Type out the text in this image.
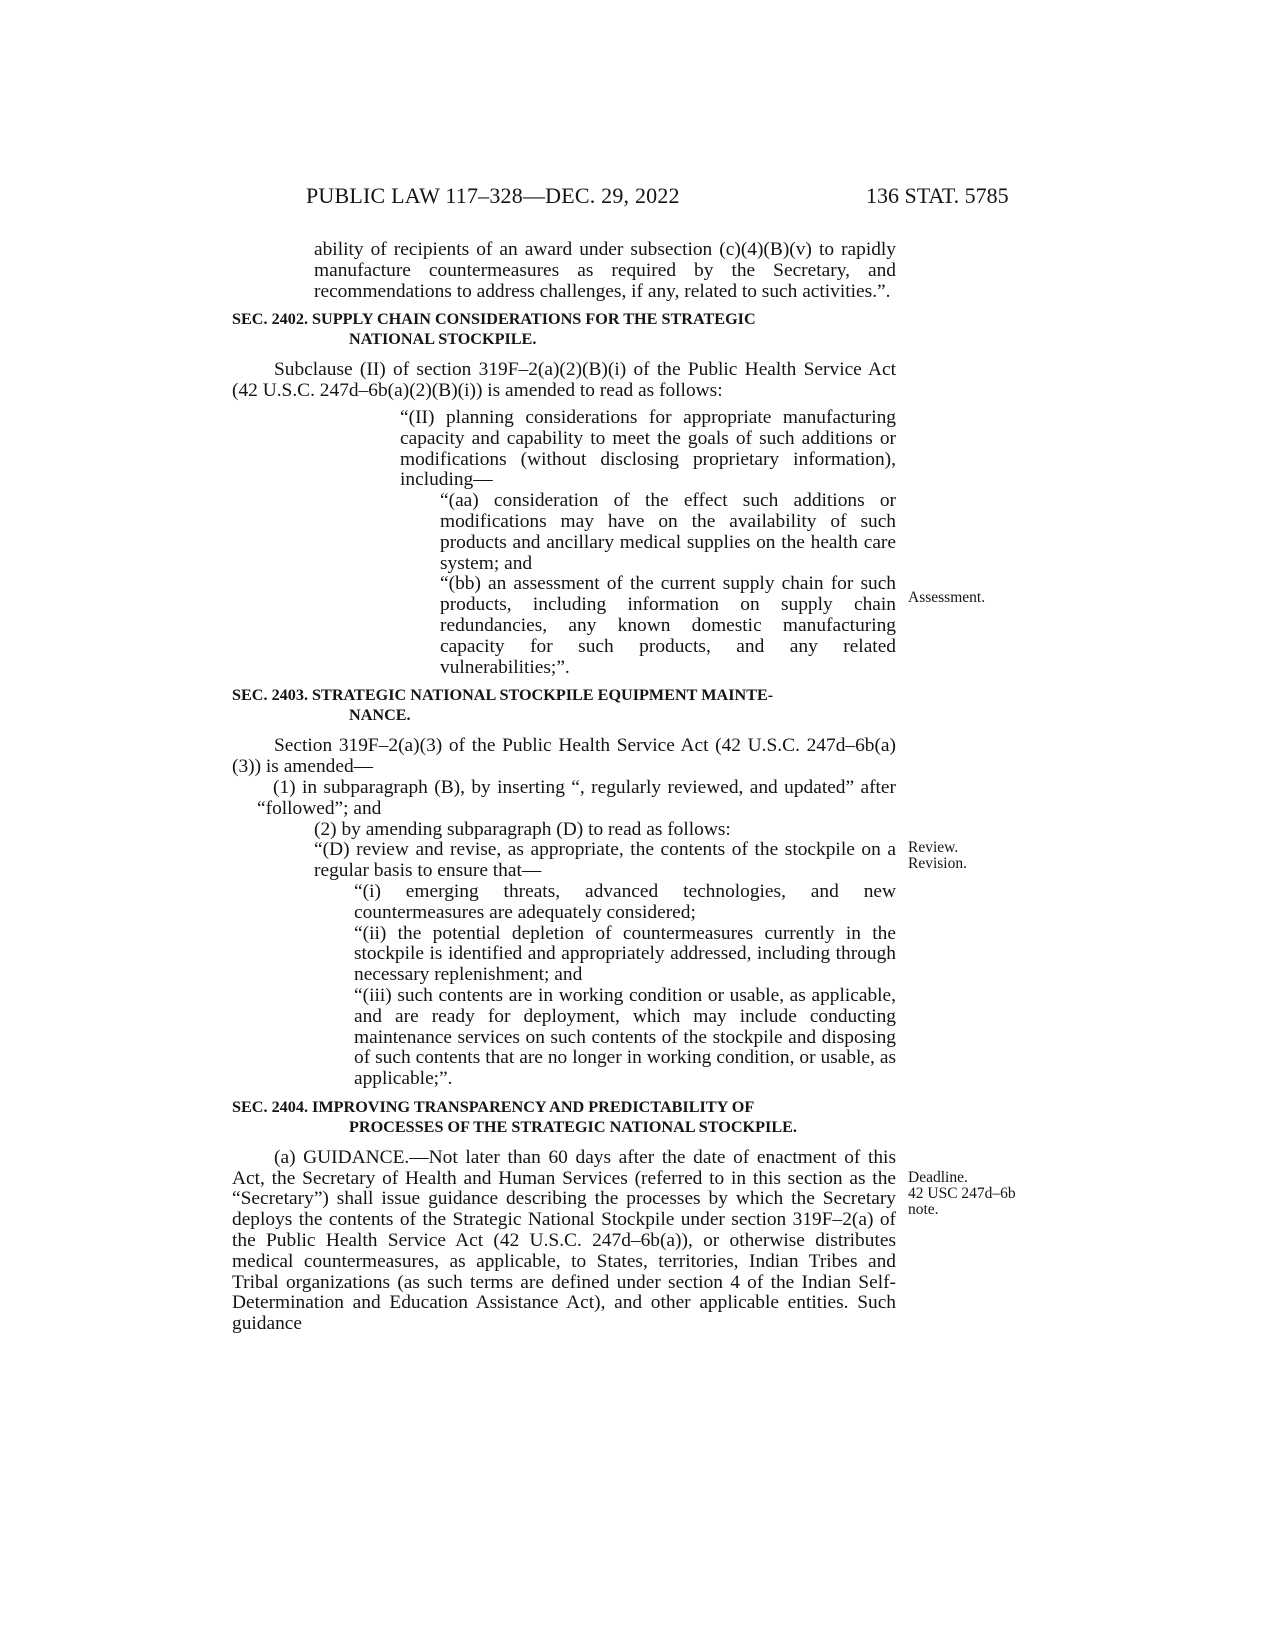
PUBLIC LAW 117–328—DEC. 29, 2022	136 STAT. 5785

ability of recipients of an award under subsection (c)(4)(B)(v) to rapidly manufacture countermeasures as required by the Secretary, and recommendations to address challenges, if any, related to such activities.”.

SEC. 2402. SUPPLY CHAIN CONSIDERATIONS FOR THE STRATEGIC
NATIONAL STOCKPILE.

Subclause (II) of section 319F–2(a)(2)(B)(i) of the Public Health Service Act (42 U.S.C. 247d–6b(a)(2)(B)(i)) is amended to read as follows:

“(II) planning considerations for appropriate manufacturing capacity and capability to meet the goals of such additions or modifications (without disclosing proprietary information), including—

“(aa) consideration of the effect such additions or modifications may have on the availability of such products and ancillary medical supplies on the health care system; and

“(bb) an assessment of the current supply chain for such products, including information on supply chain redundancies, any known domestic manufacturing capacity for such products, and any related vulnerabilities;”.

SEC. 2403. STRATEGIC NATIONAL STOCKPILE EQUIPMENT MAINTE-
NANCE.

Section 319F–2(a)(3) of the Public Health Service Act (42 U.S.C. 247d–6b(a)(3)) is amended—

(1) in subparagraph (B), by inserting “, regularly reviewed, and updated” after “followed”; and

(2) by amending subparagraph (D) to read as follows:

“(D) review and revise, as appropriate, the contents of the stockpile on a regular basis to ensure that—

“(i) emerging threats, advanced technologies, and new countermeasures are adequately considered;

“(ii) the potential depletion of countermeasures currently in the stockpile is identified and appropriately addressed, including through necessary replenishment; and

“(iii) such contents are in working condition or usable, as applicable, and are ready for deployment, which may include conducting maintenance services on such contents of the stockpile and disposing of such contents that are no longer in working condition, or usable, as applicable;”.

SEC. 2404. IMPROVING TRANSPARENCY AND PREDICTABILITY OF
PROCESSES OF THE STRATEGIC NATIONAL STOCKPILE.

(a) GUIDANCE.—Not later than 60 days after the date of enactment of this Act, the Secretary of Health and Human Services (referred to in this section as the “Secretary”) shall issue guidance describing the processes by which the Secretary deploys the contents of the Strategic National Stockpile under section 319F–2(a) of the Public Health Service Act (42 U.S.C. 247d–6b(a)), or otherwise distributes medical countermeasures, as applicable, to States, territories, Indian Tribes and Tribal organizations (as such terms are defined under section 4 of the Indian Self-Determination and Education Assistance Act), and other applicable entities. Such guidance

Assessment.
Review.
Revision.
Deadline.
42 USC 247d–6b
note.
